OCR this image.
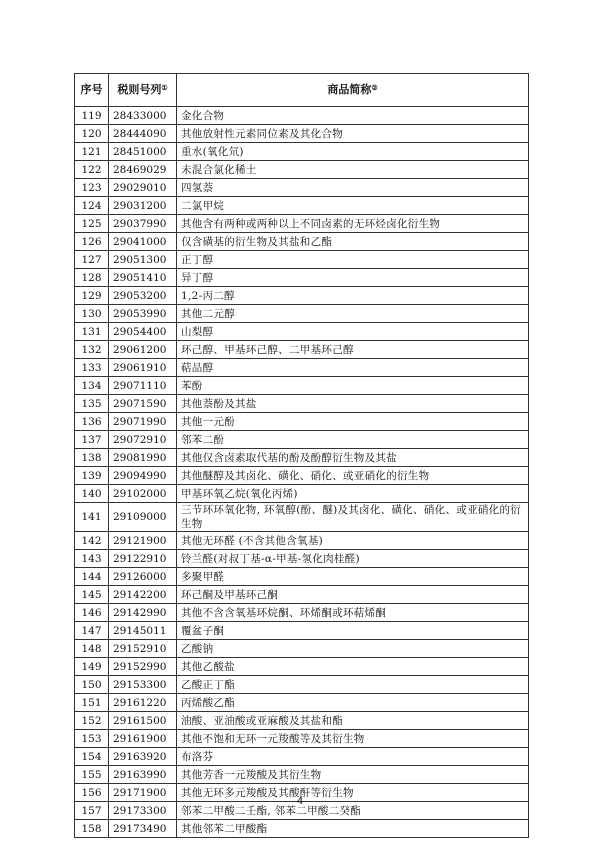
序号	税则号列①	商品简称②
119	28433000	金化合物
120	28444090	其他放射性元素同位素及其化合物
121	28451000	重水(氧化氘)
122	28469029	未混合氯化稀土
123	29029010	四氢萘
124	29031200	二氯甲烷
125	29037990	其他含有两种或两种以上不同卤素的无环烃卤化衍生物
126	29041000	仅含磺基的衍生物及其盐和乙酯
127	29051300	正丁醇
128	29051410	异丁醇
129	29053200	1,2-丙二醇
130	29053990	其他二元醇
131	29054400	山梨醇
132	29061200	环己醇、甲基环己醇、二甲基环己醇
133	29061910	萜品醇
134	29071110	苯酚
135	29071590	其他萘酚及其盐
136	29071990	其他一元酚
137	29072910	邻苯二酚
138	29081990	其他仅含卤素取代基的酚及酚醇衍生物及其盐
139	29094990	其他醚醇及其卤化、磺化、硝化、或亚硝化的衍生物
140	29102000	甲基环氧乙烷(氧化丙烯)
141	29109000	三节环环氧化物, 环氧醇(酚、醚)及其卤化、磺化、硝化、或亚硝化的衍生物
142	29121900	其他无环醛 (不含其他含氧基)
143	29122910	铃兰醛(对叔丁基-α-甲基-氢化肉桂醛)
144	29126000	多聚甲醛
145	29142200	环己酮及甲基环己酮
146	29142990	其他不含含氧基环烷酮、环烯酮或环萜烯酮
147	29145011	覆盆子酮
148	29152910	乙酸钠
149	29152990	其他乙酸盐
150	29153300	乙酸正丁酯
151	29161220	丙烯酸乙酯
152	29161500	油酸、亚油酸或亚麻酸及其盐和酯
153	29161900	其他不饱和无环一元羧酸等及其衍生物
154	29163920	布洛芬
155	29163990	其他芳香一元羧酸及其衍生物
156	29171900	其他无环多元羧酸及其酸酐等衍生物
157	29173300	邻苯二甲酸二壬酯, 邻苯二甲酸二癸酯
158	29173490	其他邻苯二甲酸酯
4
